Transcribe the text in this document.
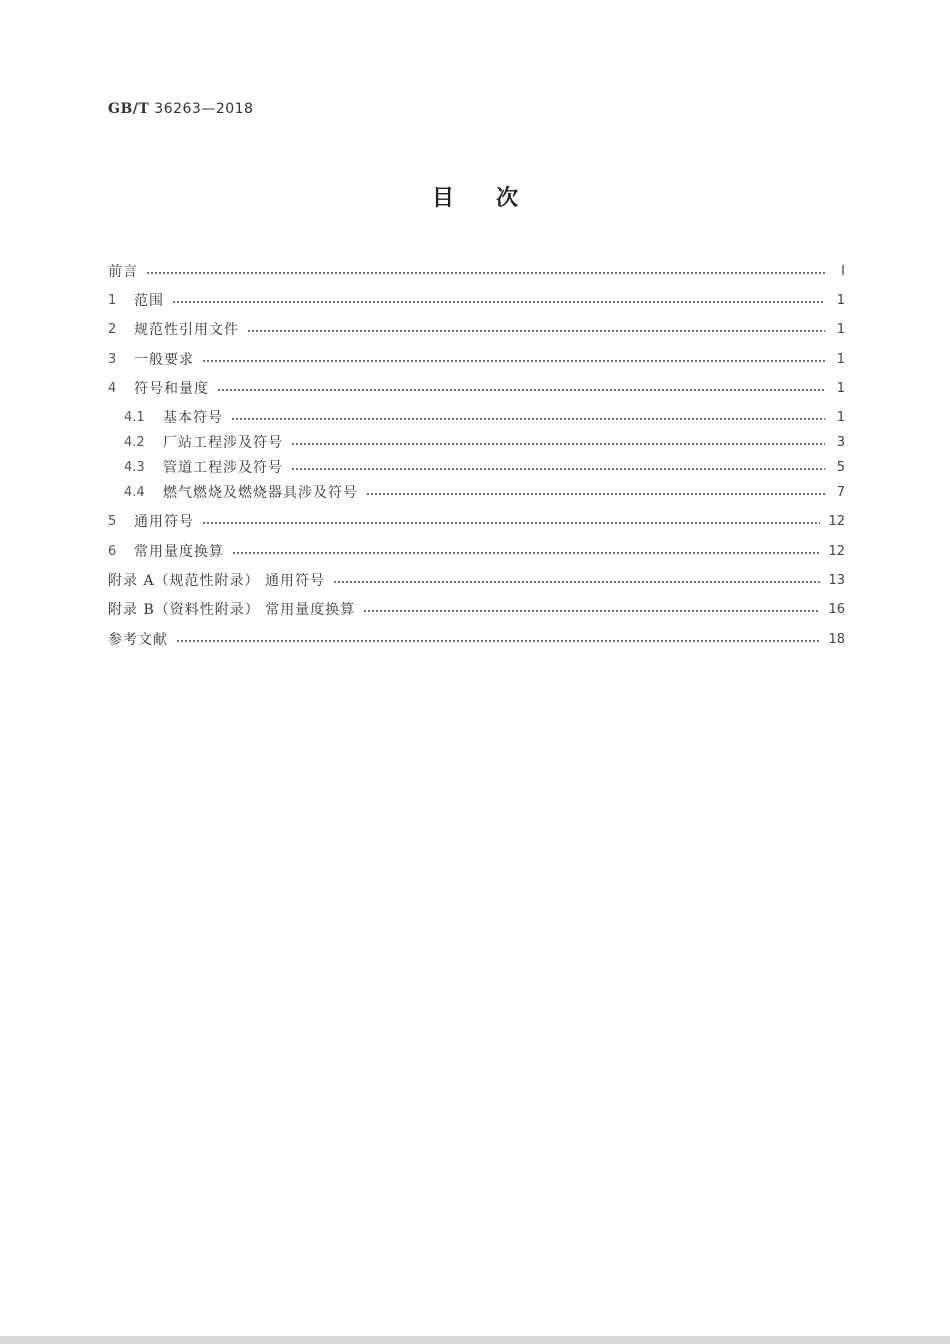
GB/T 36263—2018
目 次
前言	Ⅰ
1	范围	1
2	规范性引用文件	1
3	一般要求	1
4	符号和量度	1
4.1	基本符号	1
4.2	厂站工程涉及符号	3
4.3	管道工程涉及符号	5
4.4	燃气燃烧及燃烧器具涉及符号	7
5	通用符号	12
6	常用量度换算	12
附录 A（规范性附录） 通用符号	13
附录 B（资料性附录） 常用量度换算	16
参考文献	18
